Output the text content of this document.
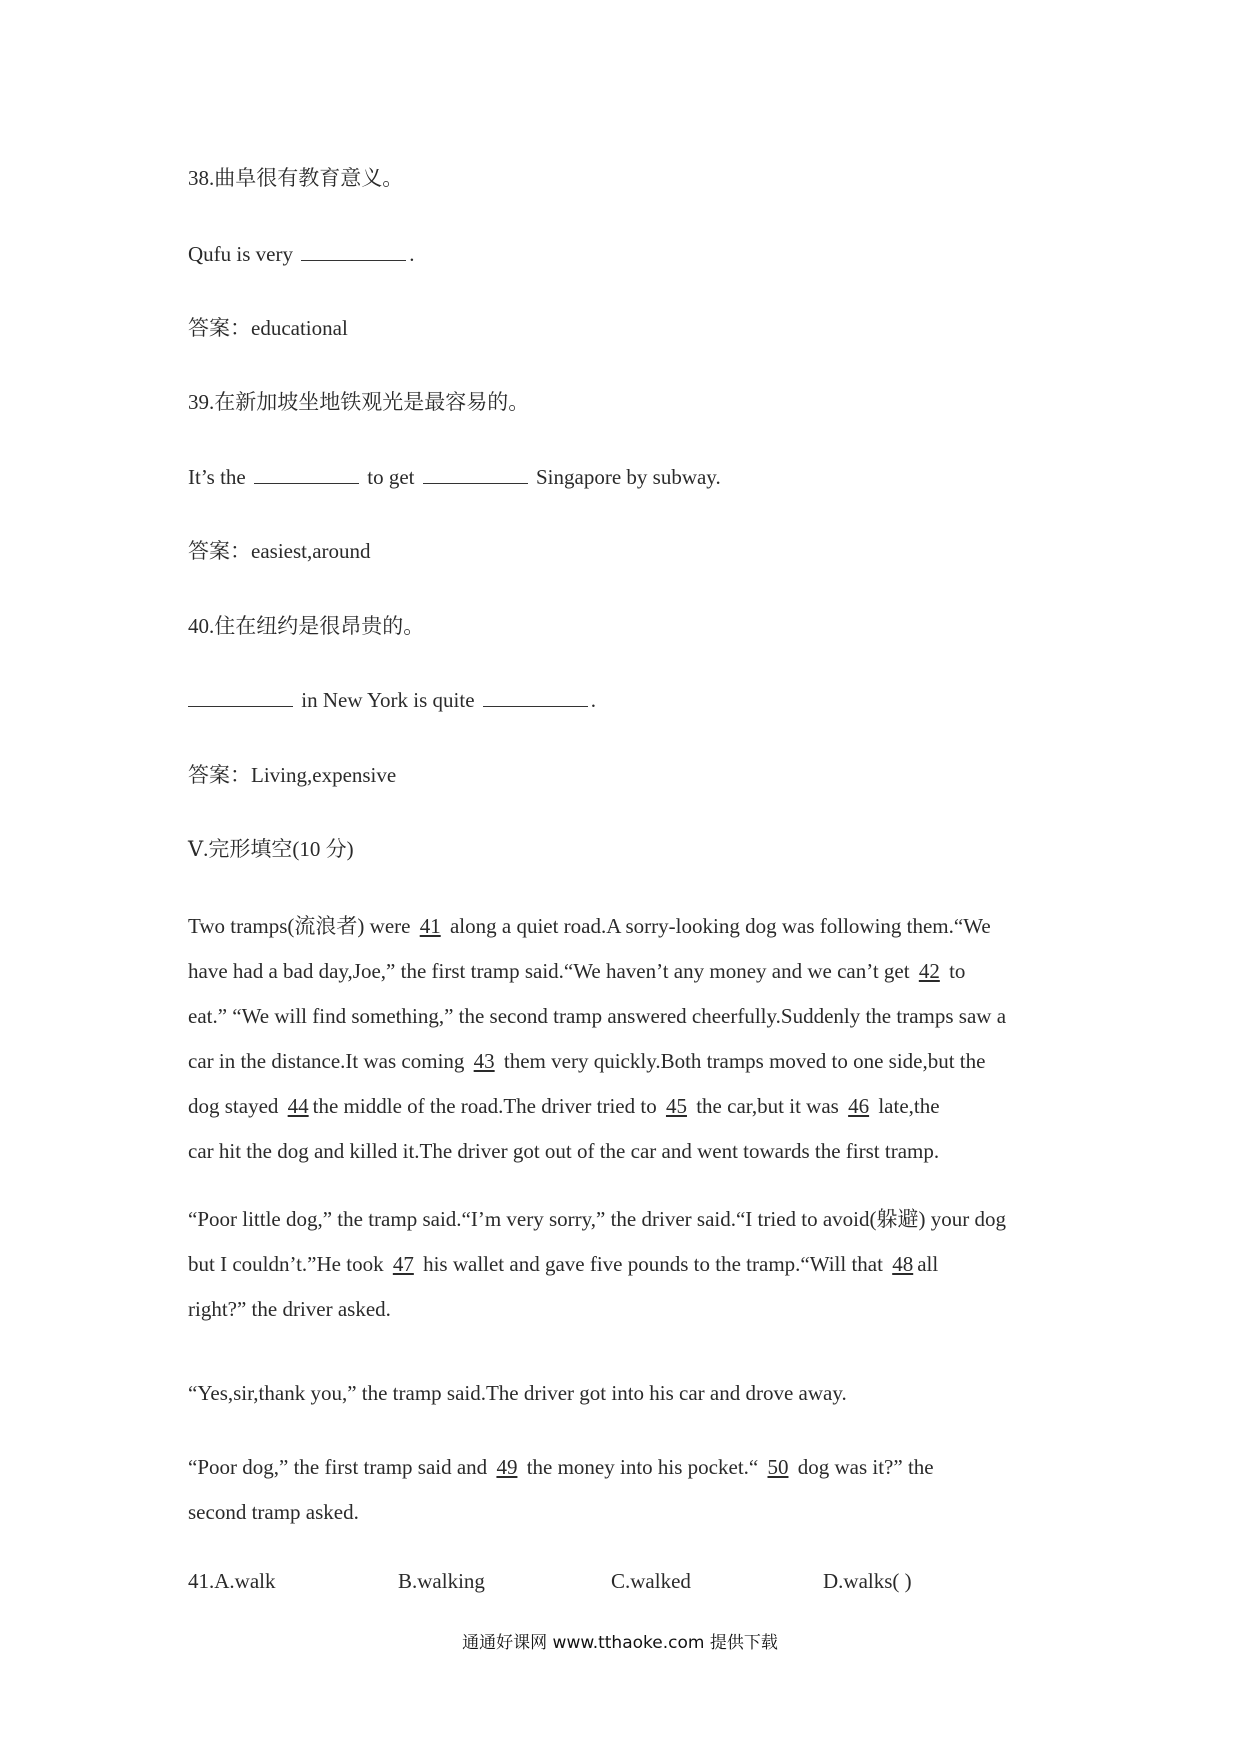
38.曲阜很有教育意义。
Qufu is very	.
答案：educational
39.在新加坡坐地铁观光是最容易的。
It’s the	to get	Singapore by subway.
答案：easiest,around
40.住在纽约是很昂贵的。
in New York is quite	.
答案：Living,expensive
Ⅴ.完形填空(10 分)

Two tramps(流浪者) were 41 along a quiet road.A sorry-looking dog was following them.“We

have had a bad day,Joe,” the first tramp said.“We haven’t any money and we can’t get 42 to

eat.” “We will find something,” the second tramp answered cheerfully.Suddenly the tramps saw a

car in the distance.It was coming 43 them very quickly.Both tramps moved to one side,but the

dog stayed 44 the middle of the road.The driver tried to 45 the car,but it was 46 late,the

car hit the dog and killed it.The driver got out of the car and went towards the first tramp.

“Poor little dog,” the tramp said.“I’m very sorry,” the driver said.“I tried to avoid(躲避) your dog

but I couldn’t.”He took 47 his wallet and gave five pounds to the tramp.“Will that 48 all

right?” the driver asked.

“Yes,sir,thank you,” the tramp said.The driver got into his car and drove away.

“Poor dog,” the first tramp said and 49 the money into his pocket.“ 50 dog was it?” the

second tramp asked.

41.A.walk	B.walking	C.walked	D.walks( )
通通好课网 www.tthaoke.com 提供下载
